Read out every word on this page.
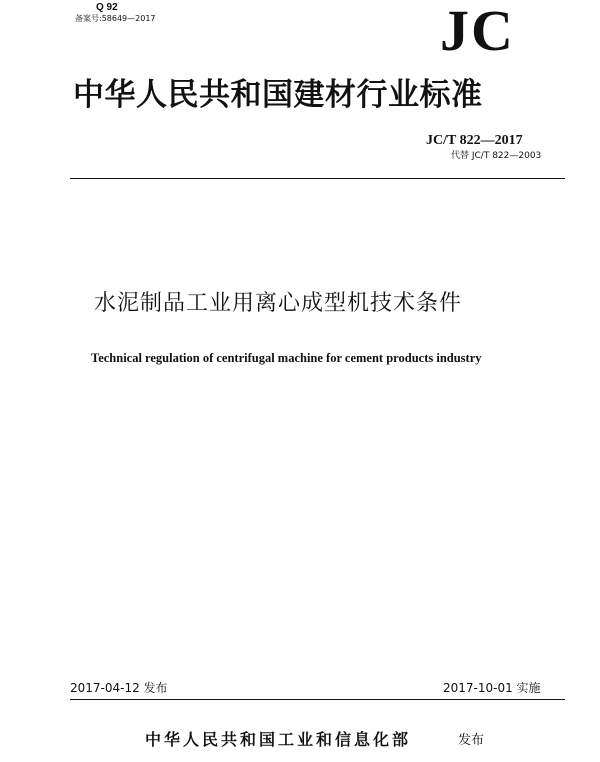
Q 92
备案号:58649—2017	JC
中华人民共和国建材行业标准
JC/T 822—2017
代替 JC/T 822—2003
水泥制品工业用离心成型机技术条件
Technical regulation of centrifugal machine for cement products industry
2017-04-12 发布	2017-10-01 实施
中华人民共和国工业和信息化部	发布
